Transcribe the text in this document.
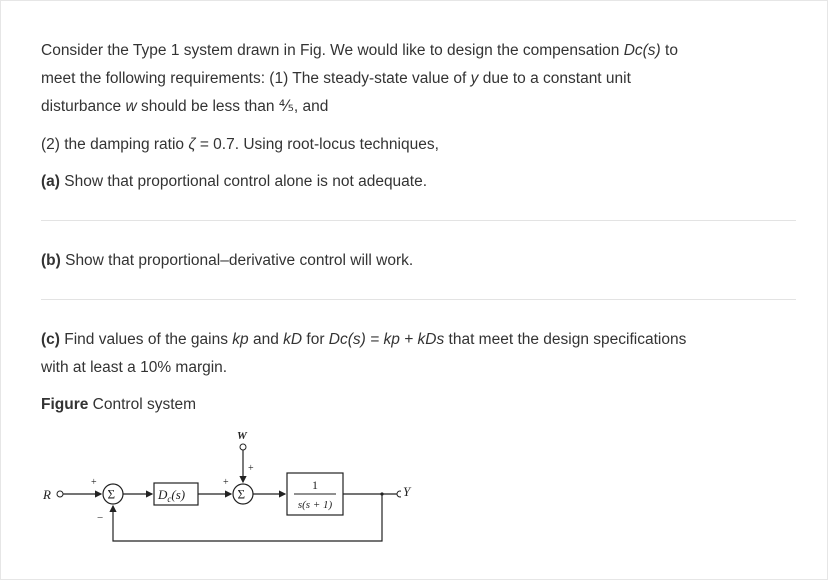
Consider the Type 1 system drawn in Fig. We would like to design the compensation Dc(s) to
meet the following requirements: (1) The steady-state value of y due to a constant unit
disturbance w should be less than ⅘, and

(2) the damping ratio ζ = 0.7. Using root-locus techniques,

(a) Show that proportional control alone is not adequate.

(b) Show that proportional–derivative control will work.

(c) Find values of the gains kp and kD for Dc(s) = kp + kDs that meet the design specifications
with at least a 10% margin.

Figure Control system

R	Σ
+
−
$D_c(s)$
W
+
Σ
+	1
s(s + 1)
Y
